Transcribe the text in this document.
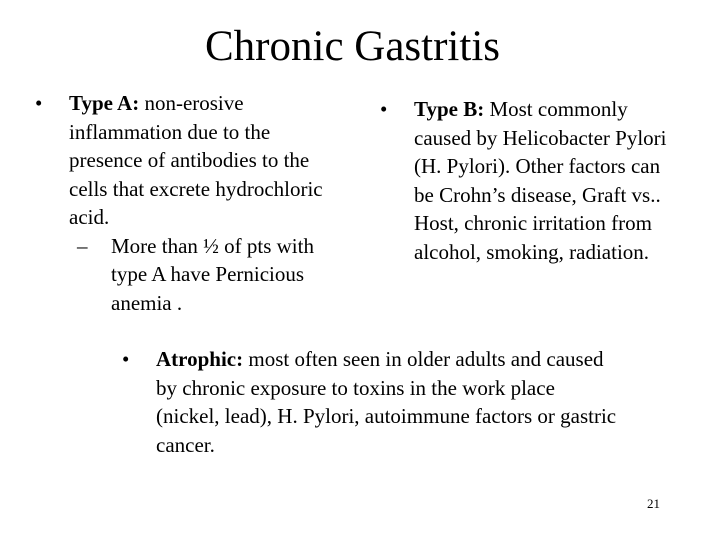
Chronic Gastritis
•	Type A: non-erosive inflammation due to the presence of antibodies to the cells that excrete hydrochloric acid.
–	More than ½ of pts with type A have Pernicious anemia .
•	Type B: Most commonly caused by Helicobacter Pylori (H. Pylori). Other factors can be Crohn’s disease, Graft vs.. Host, chronic irritation from alcohol, smoking, radiation.
•	Atrophic: most often seen in older adults and caused by chronic exposure to toxins in the work place (nickel, lead), H. Pylori, autoimmune factors or gastric cancer.
21
